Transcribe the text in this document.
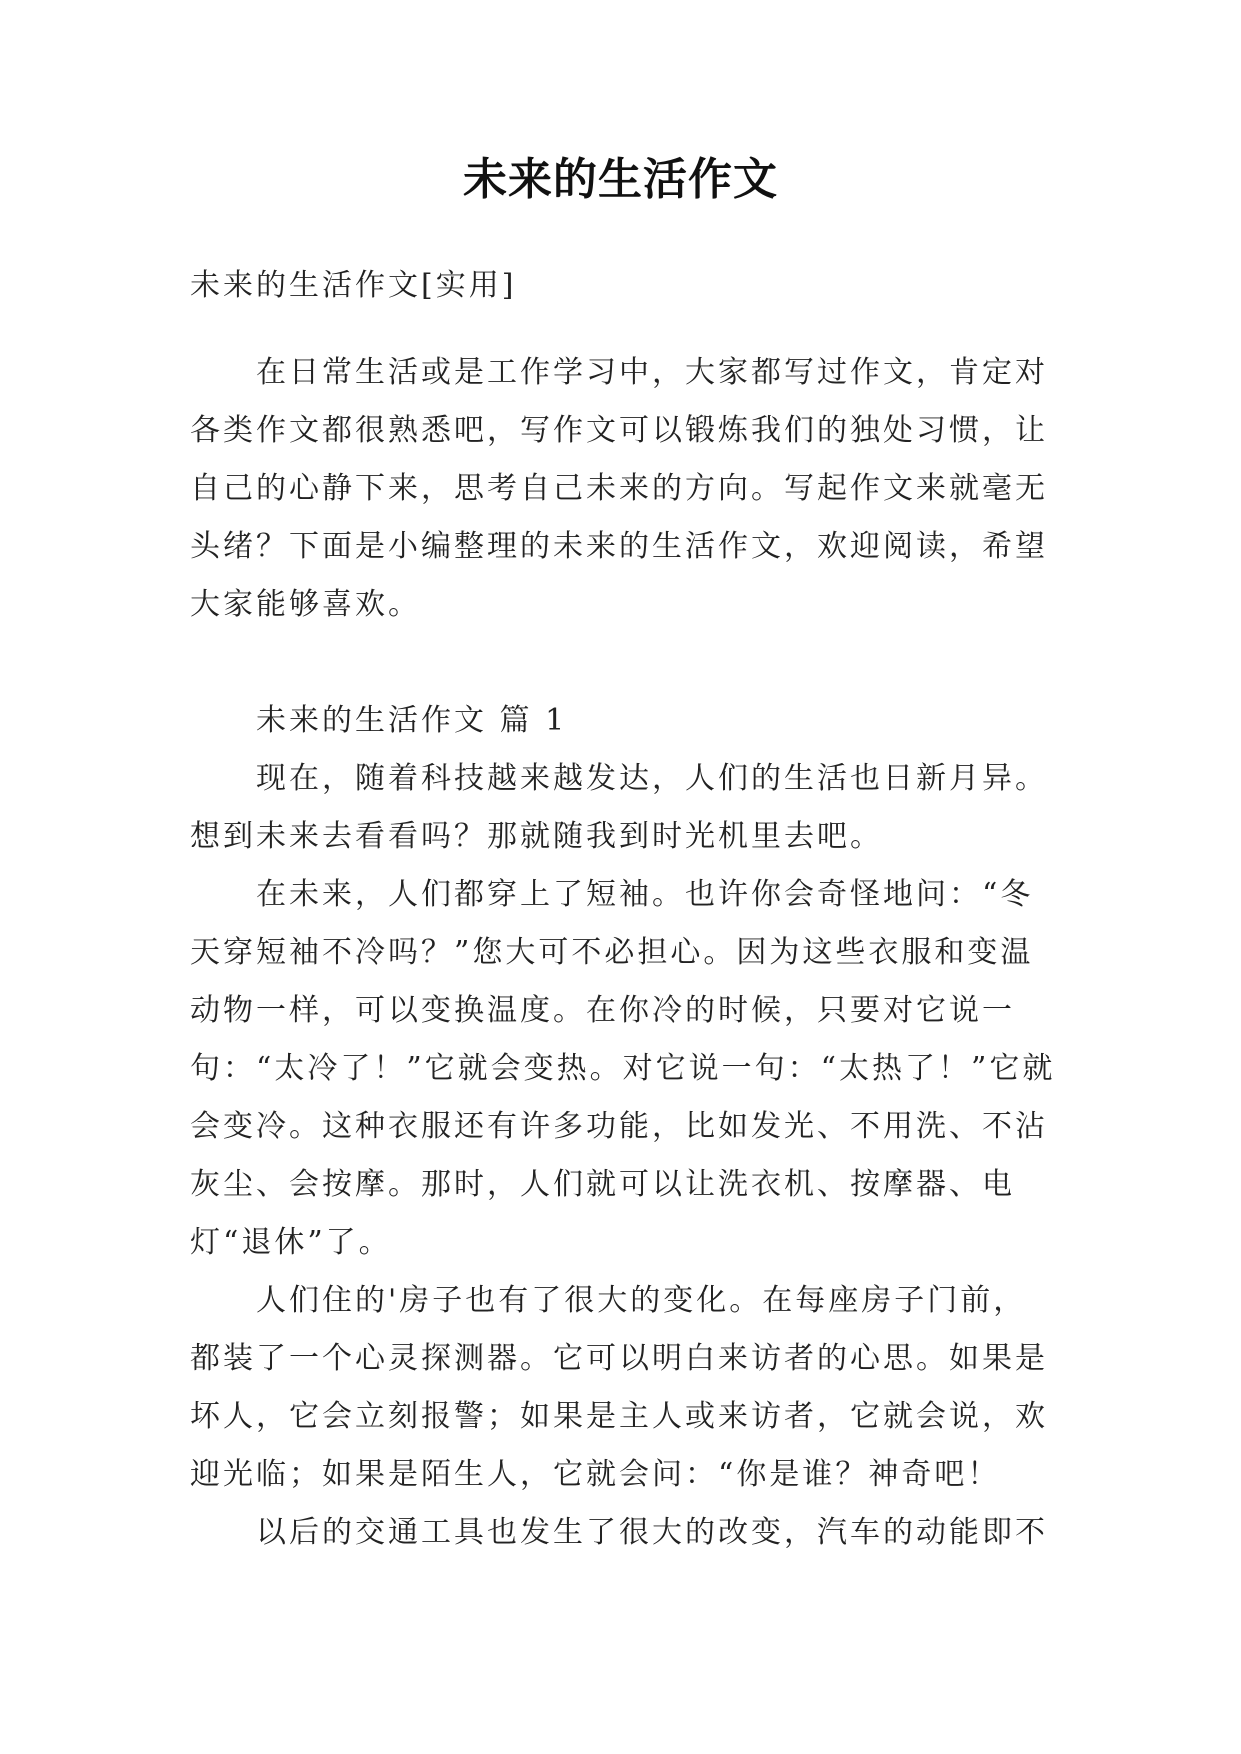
未来的生活作文
未来的生活作文[实用]
在日常生活或是工作学习中，大家都写过作文，肯定对各类作文都很熟悉吧，写作文可以锻炼我们的独处习惯，让自己的心静下来，思考自己未来的方向。写起作文来就毫无头绪？下面是小编整理的未来的生活作文，欢迎阅读，希望大家能够喜欢。
未来的生活作文 篇 1

现在，随着科技越来越发达，人们的生活也日新月异。想到未来去看看吗？那就随我到时光机里去吧。

在未来，人们都穿上了短袖。也许你会奇怪地问：“冬天穿短袖不冷吗？”您大可不必担心。因为这些衣服和变温动物一样，可以变换温度。在你冷的时候，只要对它说一句：“太冷了！”它就会变热。对它说一句：“太热了！”它就会变冷。这种衣服还有许多功能，比如发光、不用洗、不沾灰尘、会按摩。那时，人们就可以让洗衣机、按摩器、电灯“退休”了。

人们住的'房子也有了很大的变化。在每座房子门前，都装了一个心灵探测器。它可以明白来访者的心思。如果是坏人，它会立刻报警；如果是主人或来访者，它就会说，欢迎光临；如果是陌生人，它就会问：“你是谁？神奇吧！

以后的交通工具也发生了很大的改变，汽车的动能即不
